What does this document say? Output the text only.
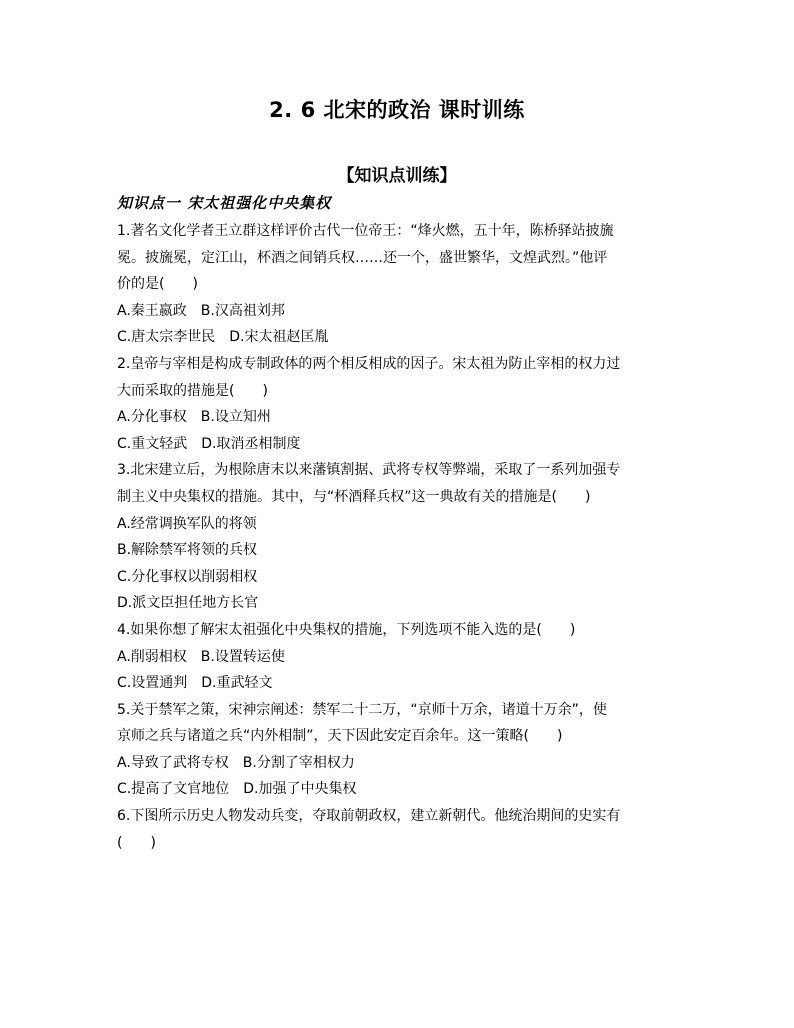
2. 6 北宋的政治 课时训练
【知识点训练】
知识点一 宋太祖强化中央集权

1.著名文化学者王立群这样评价古代一位帝王：“烽火燃，五十年，陈桥驿站披旒

冕。披旒冕，定江山，杯酒之间销兵权……还一个，盛世繁华，文煌武烈。”他评

价的是(　　)

A.秦王嬴政 B.汉高祖刘邦

C.唐太宗李世民 D.宋太祖赵匡胤

2.皇帝与宰相是构成专制政体的两个相反相成的因子。宋太祖为防止宰相的权力过

大而采取的措施是(　　)

A.分化事权 B.设立知州

C.重文轻武 D.取消丞相制度

3.北宋建立后，为根除唐末以来藩镇割据、武将专权等弊端，采取了一系列加强专

制主义中央集权的措施。其中，与“杯酒释兵权”这一典故有关的措施是(　　)

A.经常调换军队的将领

B.解除禁军将领的兵权

C.分化事权以削弱相权

D.派文臣担任地方长官

4.如果你想了解宋太祖强化中央集权的措施，下列选项不能入选的是(　　)

A.削弱相权 B.设置转运使

C.设置通判 D.重武轻文

5.关于禁军之策，宋神宗阐述：禁军二十二万，“京师十万余，诸道十万余”，使

京师之兵与诸道之兵“内外相制”，天下因此安定百余年。这一策略(　　)

A.导致了武将专权 B.分割了宰相权力

C.提高了文官地位 D.加强了中央集权

6.下图所示历史人物发动兵变，夺取前朝政权，建立新朝代。他统治期间的史实有

(　　)
